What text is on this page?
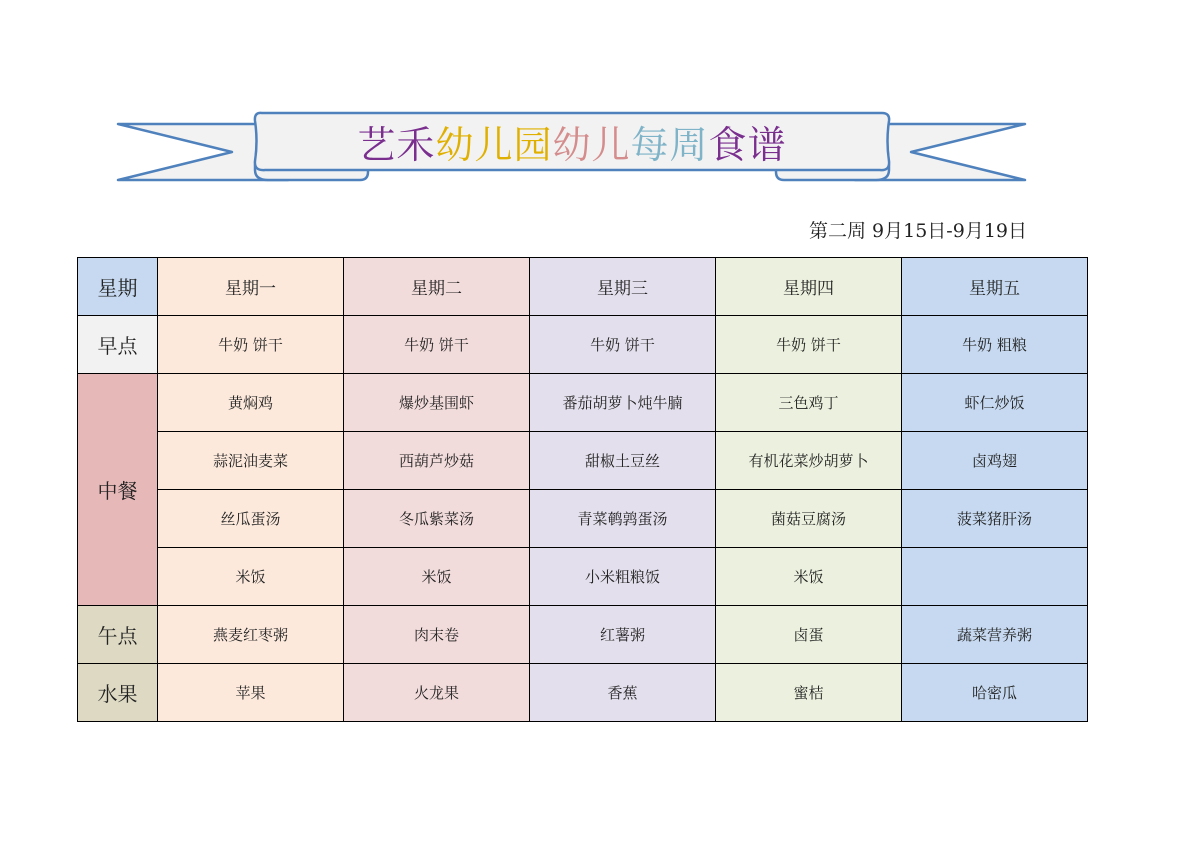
艺 禾 幼 儿 园 幼 儿 每 周 食 谱
第二周 9月15日-9月19日
星期	星期一	星期二	星期三	星期四	星期五
早点	牛奶 饼干	牛奶 饼干	牛奶 饼干	牛奶 饼干	牛奶 粗粮
中餐	黄焖鸡	爆炒基围虾	番茄胡萝卜炖牛腩	三色鸡丁	虾仁炒饭
	蒜泥油麦菜	西葫芦炒菇	甜椒土豆丝	有机花菜炒胡萝卜	卤鸡翅
	丝瓜蛋汤	冬瓜紫菜汤	青菜鹌鹑蛋汤	菌菇豆腐汤	菠菜猪肝汤
	米饭	米饭	小米粗粮饭	米饭	
午点	燕麦红枣粥	肉末卷	红薯粥	卤蛋	蔬菜营养粥
水果	苹果	火龙果	香蕉	蜜桔	哈密瓜
